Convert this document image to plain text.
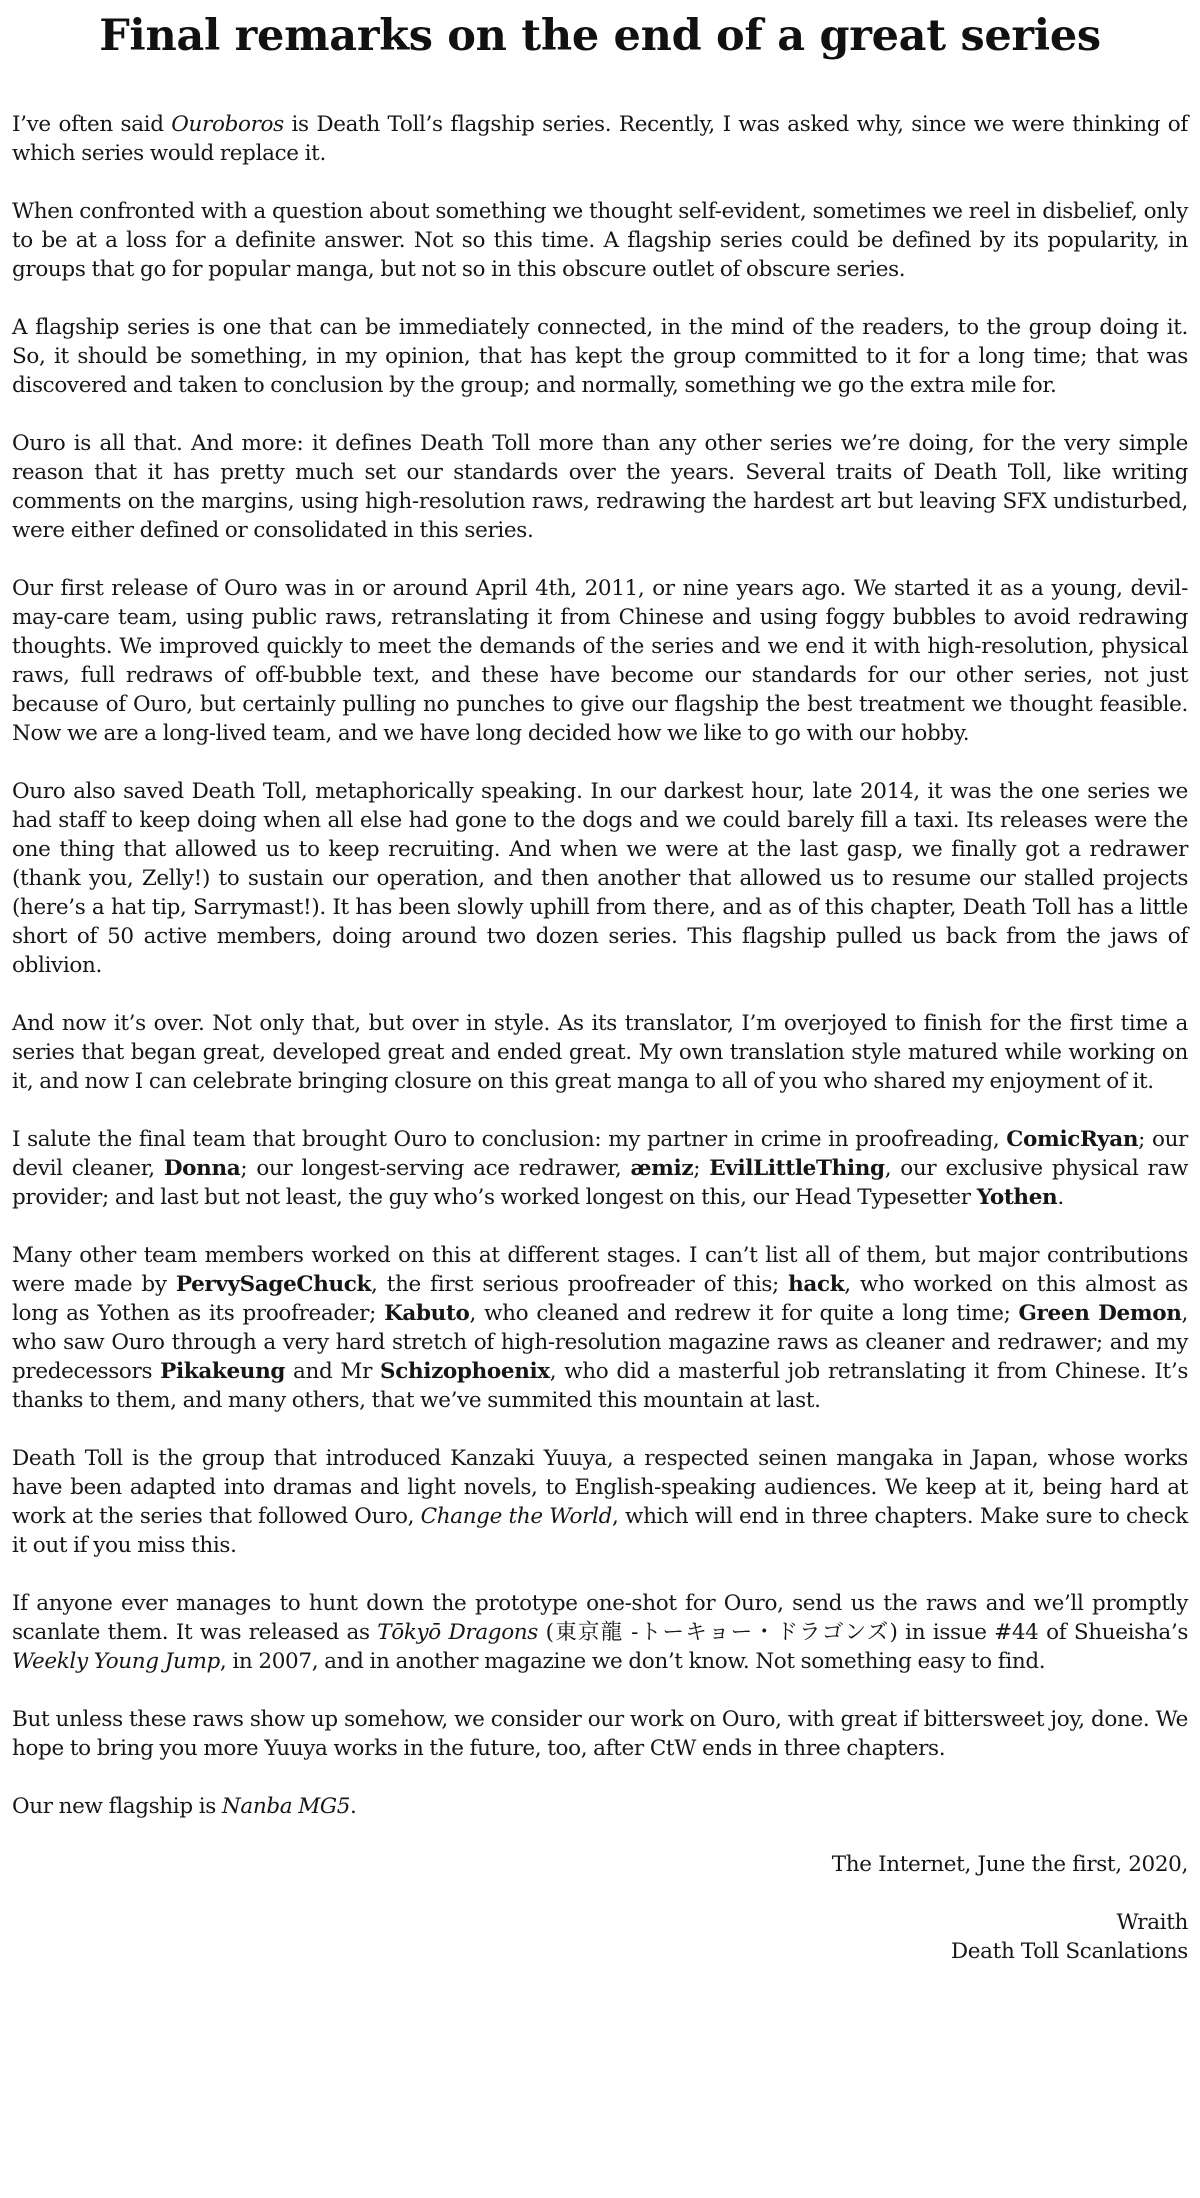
Final remarks on the end of a great series

I’ve often said Ouroboros is Death Toll’s flagship series. Recently, I was asked why, since we were thinking of which series would replace it.

When confronted with a question about something we thought self-evident, sometimes we reel in disbelief, only to be at a loss for a definite answer. Not so this time. A flagship series could be defined by its popularity, in groups that go for popular manga, but not so in this obscure outlet of obscure series.

A flagship series is one that can be immediately connected, in the mind of the readers, to the group doing it. So, it should be something, in my opinion, that has kept the group committed to it for a long time; that was discovered and taken to conclusion by the group; and normally, something we go the extra mile for.

Ouro is all that. And more: it defines Death Toll more than any other series we’re doing, for the very simple reason that it has pretty much set our standards over the years. Several traits of Death Toll, like writing comments on the margins, using high-resolution raws, redrawing the hardest art but leaving SFX undisturbed, were either defined or consolidated in this series.

Our first release of Ouro was in or around April 4th, 2011, or nine years ago. We started it as a young, devil-may-care team, using public raws, retranslating it from Chinese and using foggy bubbles to avoid redrawing thoughts. We improved quickly to meet the demands of the series and we end it with high-resolution, physical raws, full redraws of off-bubble text, and these have become our standards for our other series, not just because of Ouro, but certainly pulling no punches to give our flagship the best treatment we thought feasible. Now we are a long-lived team, and we have long decided how we like to go with our hobby.

Ouro also saved Death Toll, metaphorically speaking. In our darkest hour, late 2014, it was the one series we had staff to keep doing when all else had gone to the dogs and we could barely fill a taxi. Its releases were the one thing that allowed us to keep recruiting. And when we were at the last gasp, we finally got a redrawer (thank you, Zelly!) to sustain our operation, and then another that allowed us to resume our stalled projects (here’s a hat tip, Sarrymast!). It has been slowly uphill from there, and as of this chapter, Death Toll has a little short of 50 active members, doing around two dozen series. This flagship pulled us back from the jaws of oblivion.

And now it’s over. Not only that, but over in style. As its translator, I’m overjoyed to finish for the first time a series that began great, developed great and ended great. My own translation style matured while working on it, and now I can celebrate bringing closure on this great manga to all of you who shared my enjoyment of it.

I salute the final team that brought Ouro to conclusion: my partner in crime in proofreading, ComicRyan; our devil cleaner, Donna; our longest-serving ace redrawer, æmiz; EvilLittleThing, our exclusive physical raw provider; and last but not least, the guy who’s worked longest on this, our Head Typesetter Yothen.

Many other team members worked on this at different stages. I can’t list all of them, but major contributions were made by PervySageChuck, the first serious proofreader of this; hack, who worked on this almost as long as Yothen as its proofreader; Kabuto, who cleaned and redrew it for quite a long time; Green Demon, who saw Ouro through a very hard stretch of high-resolution magazine raws as cleaner and redrawer; and my predecessors Pikakeung and Mr Schizophoenix, who did a masterful job retranslating it from Chinese. It’s thanks to them, and many others, that we’ve summited this mountain at last.

Death Toll is the group that introduced Kanzaki Yuuya, a respected seinen mangaka in Japan, whose works have been adapted into dramas and light novels, to English-speaking audiences. We keep at it, being hard at work at the series that followed Ouro, Change the World, which will end in three chapters. Make sure to check it out if you miss this.

If anyone ever manages to hunt down the prototype one-shot for Ouro, send us the raws and we’ll promptly scanlate them. It was released as Tōkyō Dragons (東京龍 -トーキョー・ドラゴンズ) in issue #44 of Shueisha’s Weekly Young Jump, in 2007, and in another magazine we don’t know. Not something easy to find.

But unless these raws show up somehow, we consider our work on Ouro, with great if bittersweet joy, done. We hope to bring you more Yuuya works in the future, too, after CtW ends in three chapters.

Our new flagship is Nanba MG5.

The Internet, June the first, 2020,
Wraith
Death Toll Scanlations
